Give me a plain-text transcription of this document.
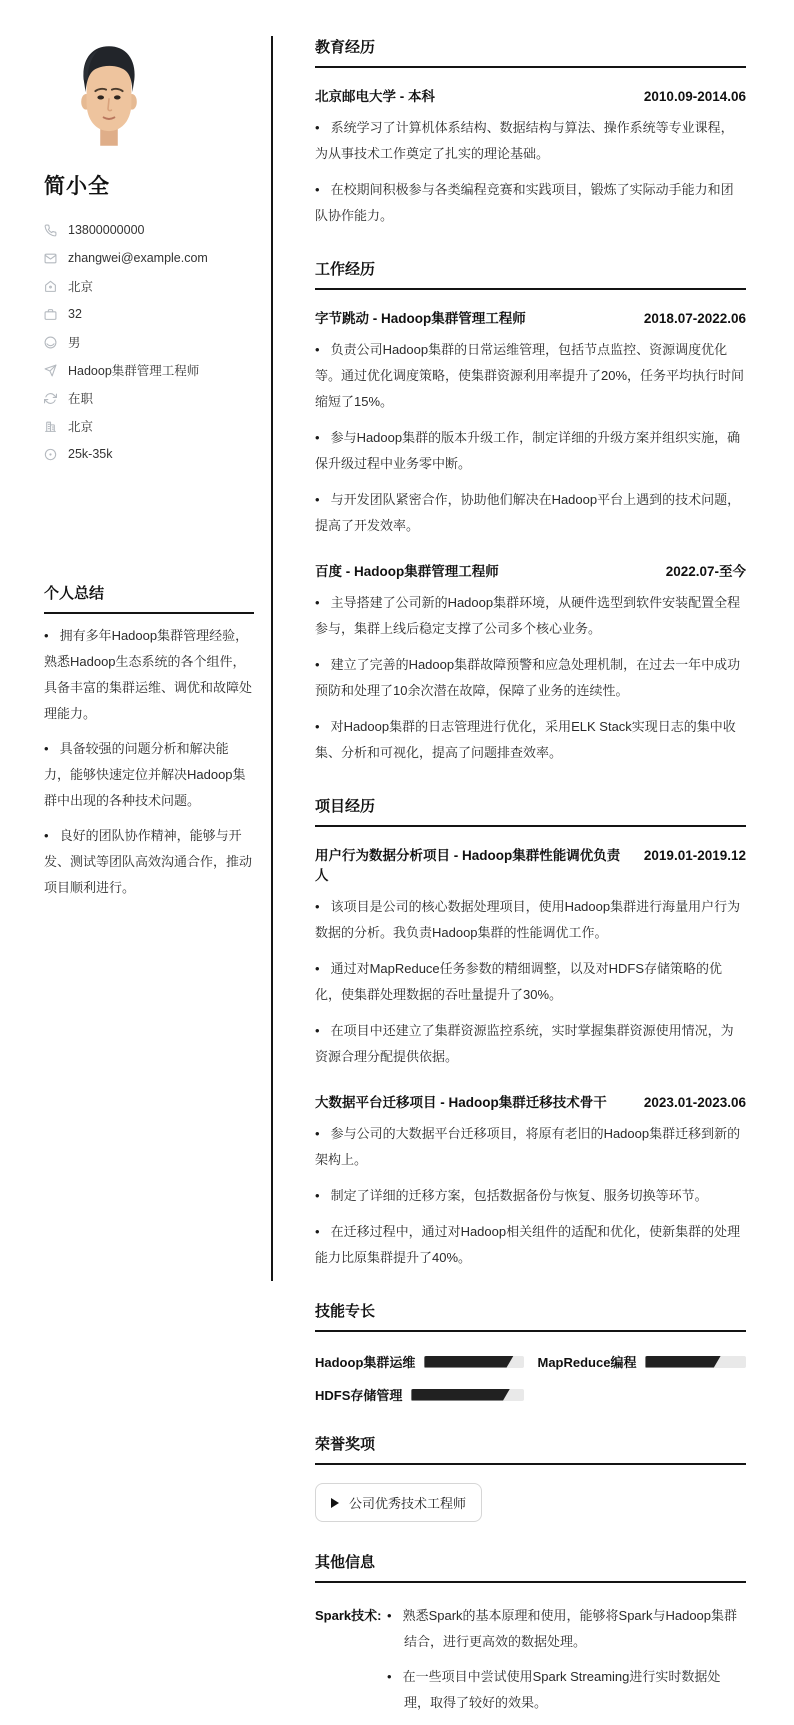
简小全
13800000000
zhangwei@example.com
北京
32
男
Hadoop集群管理工程师
在职
北京
25k-35k
个人总结

• 拥有多年Hadoop集群管理经验，熟悉Hadoop生态系统的各个组件，具备丰富的集群运维、调优和故障处理能力。

• 具备较强的问题分析和解决能力，能够快速定位并解决Hadoop集群中出现的各种技术问题。

• 良好的团队协作精神，能够与开发、测试等团队高效沟通合作，推动项目顺利进行。

教育经历
北京邮电大学 - 本科	2010.09-2014.06

• 系统学习了计算机体系结构、数据结构与算法、操作系统等专业课程，为从事技术工作奠定了扎实的理论基础。

• 在校期间积极参与各类编程竞赛和实践项目，锻炼了实际动手能力和团队协作能力。

工作经历
字节跳动 - Hadoop集群管理工程师	2018.07-2022.06

• 负责公司Hadoop集群的日常运维管理，包括节点监控、资源调度优化等。通过优化调度策略，使集群资源利用率提升了20%，任务平均执行时间缩短了15%。

• 参与Hadoop集群的版本升级工作，制定详细的升级方案并组织实施，确保升级过程中业务零中断。

• 与开发团队紧密合作，协助他们解决在Hadoop平台上遇到的技术问题，提高了开发效率。

百度 - Hadoop集群管理工程师	2022.07-至今

• 主导搭建了公司新的Hadoop集群环境，从硬件选型到软件安装配置全程参与，集群上线后稳定支撑了公司多个核心业务。

• 建立了完善的Hadoop集群故障预警和应急处理机制，在过去一年中成功预防和处理了10余次潜在故障，保障了业务的连续性。

• 对Hadoop集群的日志管理进行优化，采用ELK Stack实现日志的集中收集、分析和可视化，提高了问题排查效率。

项目经历
用户行为数据分析项目 - Hadoop集群性能调优负责人
2019.01-2019.12

• 该项目是公司的核心数据处理项目，使用Hadoop集群进行海量用户行为数据的分析。我负责Hadoop集群的性能调优工作。

• 通过对MapReduce任务参数的精细调整，以及对HDFS存储策略的优化，使集群处理数据的吞吐量提升了30%。

• 在项目中还建立了集群资源监控系统，实时掌握集群资源使用情况，为资源合理分配提供依据。

大数据平台迁移项目 - Hadoop集群迁移技术骨干	2023.01-2023.06

• 参与公司的大数据平台迁移项目，将原有老旧的Hadoop集群迁移到新的架构上。

• 制定了详细的迁移方案，包括数据备份与恢复、服务切换等环节。

• 在迁移过程中，通过对Hadoop相关组件的适配和优化，使新集群的处理能力比原集群提升了40%。

技能专长
Hadoop集群运维	MapReduce编程
HDFS存储管理
荣誉奖项
公司优秀技术工程师
其他信息
Spark技术:	• 熟悉Spark的基本原理和使用，能够将Spark与Hadoop集群结合，进行更高效的数据处理。

• 在一些项目中尝试使用Spark Streaming进行实时数据处理，取得了较好的效果。
